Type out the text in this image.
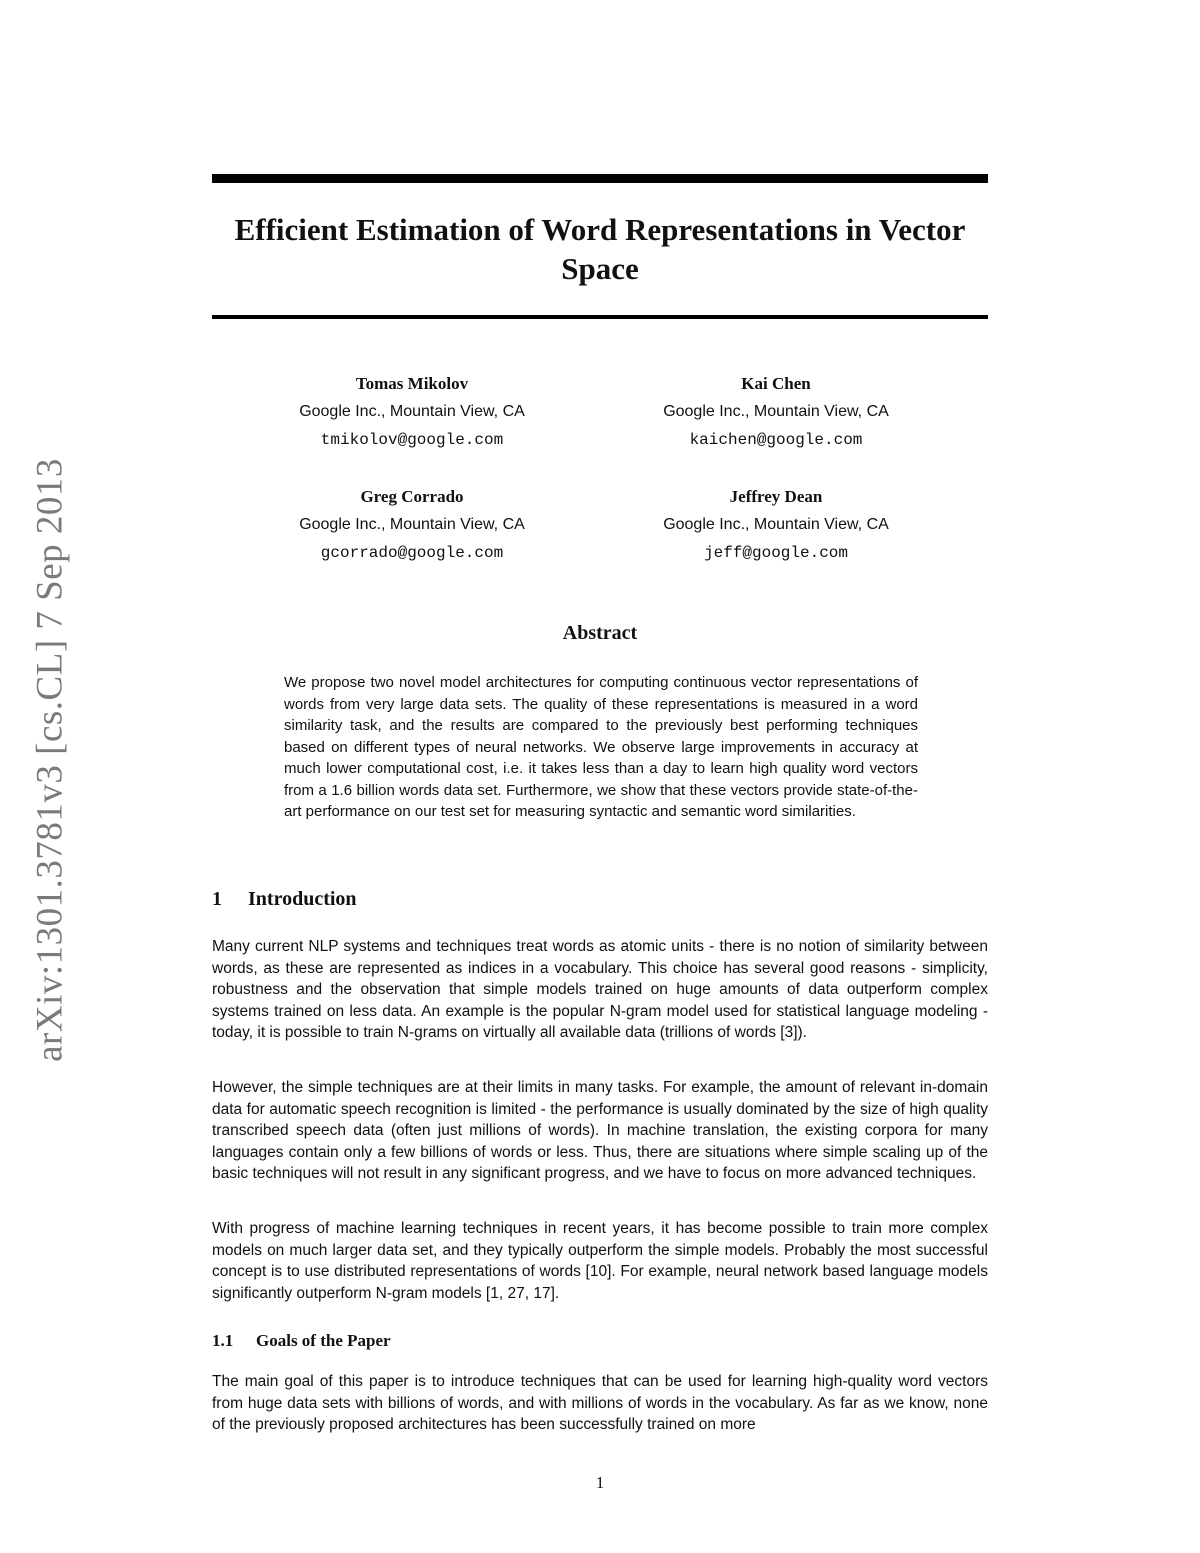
arXiv:1301.3781v3 [cs.CL] 7 Sep 2013
Efficient Estimation of Word Representations in Vector Space
Tomas Mikolov
Google Inc., Mountain View, CA
tmikolov@google.com
Kai Chen
Google Inc., Mountain View, CA
kaichen@google.com
Greg Corrado
Google Inc., Mountain View, CA
gcorrado@google.com
Jeffrey Dean
Google Inc., Mountain View, CA
jeff@google.com
Abstract
We propose two novel model architectures for computing continuous vector representations of words from very large data sets. The quality of these representations is measured in a word similarity task, and the results are compared to the previously best performing techniques based on different types of neural networks. We observe large improvements in accuracy at much lower computational cost, i.e. it takes less than a day to learn high quality word vectors from a 1.6 billion words data set. Furthermore, we show that these vectors provide state-of-the-art performance on our test set for measuring syntactic and semantic word similarities.
1 Introduction

Many current NLP systems and techniques treat words as atomic units - there is no notion of similarity between words, as these are represented as indices in a vocabulary. This choice has several good reasons - simplicity, robustness and the observation that simple models trained on huge amounts of data outperform complex systems trained on less data. An example is the popular N-gram model used for statistical language modeling - today, it is possible to train N-grams on virtually all available data (trillions of words [3]).

However, the simple techniques are at their limits in many tasks. For example, the amount of relevant in-domain data for automatic speech recognition is limited - the performance is usually dominated by the size of high quality transcribed speech data (often just millions of words). In machine translation, the existing corpora for many languages contain only a few billions of words or less. Thus, there are situations where simple scaling up of the basic techniques will not result in any significant progress, and we have to focus on more advanced techniques.

With progress of machine learning techniques in recent years, it has become possible to train more complex models on much larger data set, and they typically outperform the simple models. Probably the most successful concept is to use distributed representations of words [10]. For example, neural network based language models significantly outperform N-gram models [1, 27, 17].

1.1 Goals of the Paper

The main goal of this paper is to introduce techniques that can be used for learning high-quality word vectors from huge data sets with billions of words, and with millions of words in the vocabulary. As far as we know, none of the previously proposed architectures has been successfully trained on more

1
